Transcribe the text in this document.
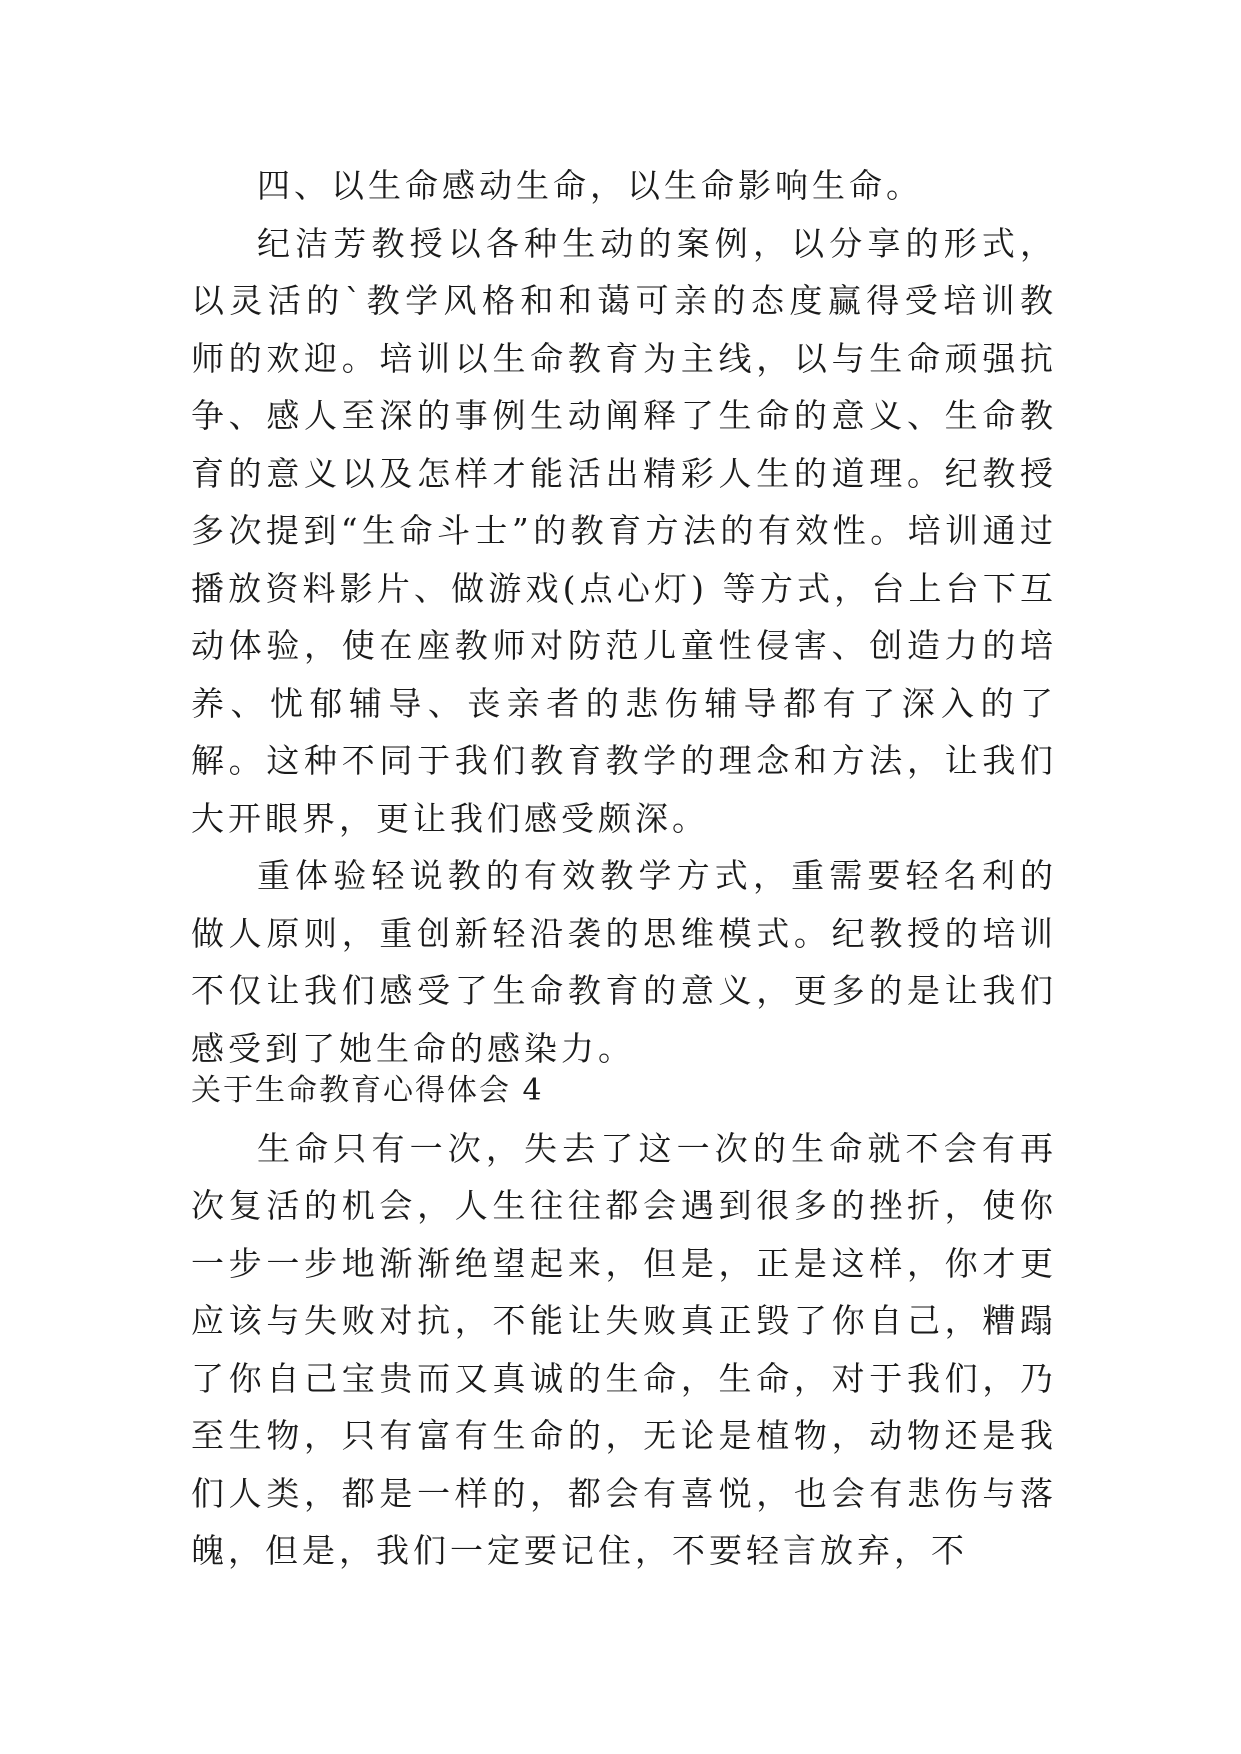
四、以生命感动生命，以生命影响生命。

纪洁芳教授以各种生动的案例，以分享的形式，以灵活的`教学风格和和蔼可亲的态度赢得受培训教师的欢迎。培训以生命教育为主线，以与生命顽强抗争、感人至深的事例生动阐释了生命的意义、生命教育的意义以及怎样才能活出精彩人生的道理。纪教授多次提到“生命斗士”的教育方法的有效性。培训通过播放资料影片、做游戏(点心灯) 等方式，台上台下互动体验，使在座教师对防范儿童性侵害、创造力的培养、忧郁辅导、丧亲者的悲伤辅导都有了深入的了解。这种不同于我们教育教学的理念和方法，让我们大开眼界，更让我们感受颇深。

重体验轻说教的有效教学方式，重需要轻名利的做人原则，重创新轻沿袭的思维模式。纪教授的培训不仅让我们感受了生命教育的意义，更多的是让我们感受到了她生命的感染力。

关于生命教育心得体会 4

生命只有一次，失去了这一次的生命就不会有再次复活的机会，人生往往都会遇到很多的挫折，使你一步一步地渐渐绝望起来，但是，正是这样，你才更应该与失败对抗，不能让失败真正毁了你自己，糟蹋了你自己宝贵而又真诚的生命，生命，对于我们，乃至生物，只有富有生命的，无论是植物，动物还是我们人类，都是一样的，都会有喜悦，也会有悲伤与落魄，但是，我们一定要记住，不要轻言放弃，不
